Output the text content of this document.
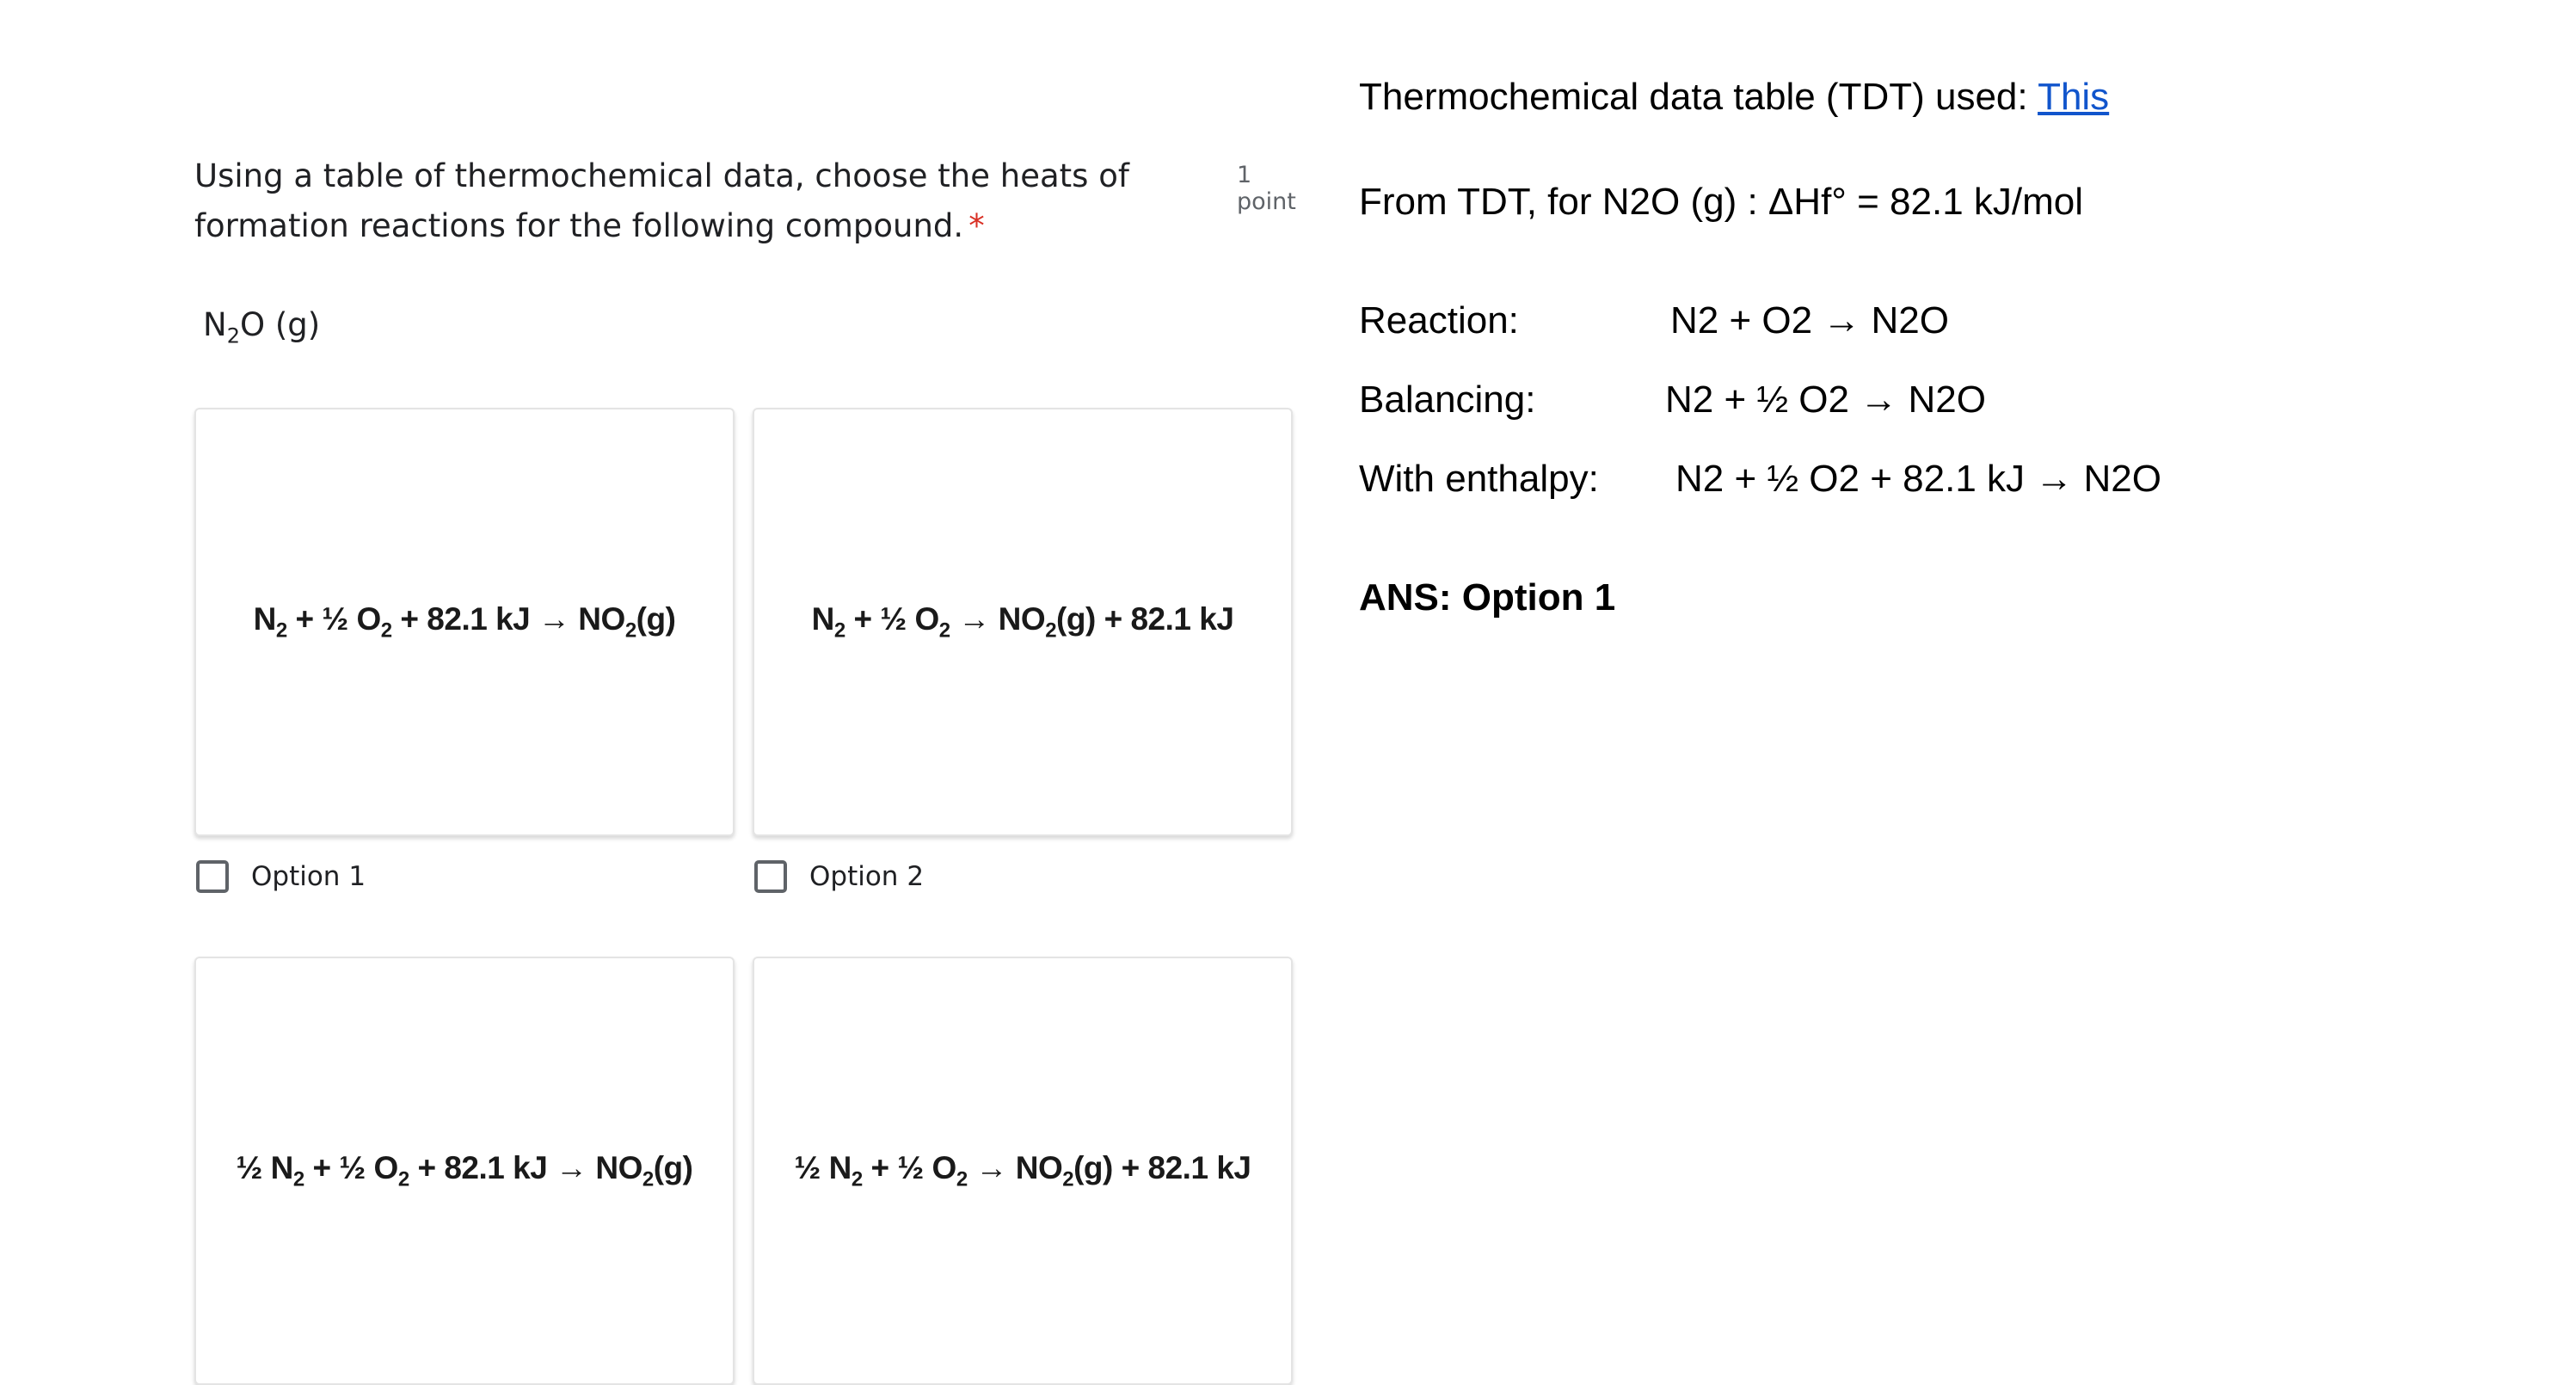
Using a table of thermochemical data, choose the heats of formation reactions for the following compound. *
1 point
$N_2O$ (g)
$N_2$ + ½ $O_2 + 82.1$ kJ → $NO_2(g)$	$N_2$ + ½ $O_2 \to NO_2(g) + 82.1$ kJ
Option 1	Option 2
½ $N_2$ + ½ $O_2 + 82.1$ kJ → $NO_2(g)$	½ $N_2$ + ½ $O_2 \to NO_2(g) + 82.1$ kJ
Thermochemical data table (TDT) used: This
From TDT, for N2O (g) : ΔHf° = 82.1 kJ/mol
Reaction:	N2 + O2 → N2O
Balancing:	N2 + ½ O2 → N2O
With enthalpy: N2 + ½ O2 + 82.1 kJ → N2O
ANS: Option 1
